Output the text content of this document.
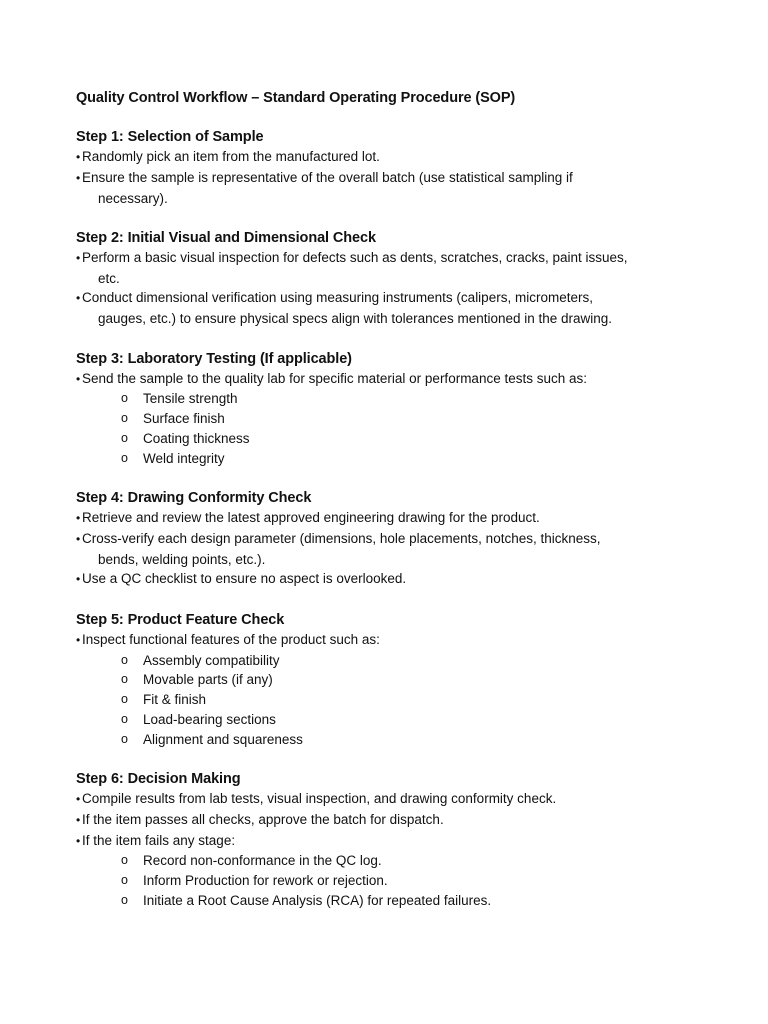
Quality Control Workflow – Standard Operating Procedure (SOP)
Step 1: Selection of Sample
• Randomly pick an item from the manufactured lot.
• Ensure the sample is representative of the overall batch (use statistical sampling if
necessary).
Step 2: Initial Visual and Dimensional Check
• Perform a basic visual inspection for defects such as dents, scratches, cracks, paint issues,
etc.
• Conduct dimensional verification using measuring instruments (calipers, micrometers,
gauges, etc.) to ensure physical specs align with tolerances mentioned in the drawing.
Step 3: Laboratory Testing (If applicable)
• Send the sample to the quality lab for specific material or performance tests such as:
o Tensile strength
o Surface finish
o Coating thickness
o Weld integrity
Step 4: Drawing Conformity Check
• Retrieve and review the latest approved engineering drawing for the product.
• Cross-verify each design parameter (dimensions, hole placements, notches, thickness,
bends, welding points, etc.).
• Use a QC checklist to ensure no aspect is overlooked.
Step 5: Product Feature Check
• Inspect functional features of the product such as:
o Assembly compatibility
o Movable parts (if any)
o Fit & finish
o Load-bearing sections
o Alignment and squareness
Step 6: Decision Making
• Compile results from lab tests, visual inspection, and drawing conformity check.
• If the item passes all checks, approve the batch for dispatch.
• If the item fails any stage:
o Record non-conformance in the QC log.
o Inform Production for rework or rejection.
o Initiate a Root Cause Analysis (RCA) for repeated failures.
